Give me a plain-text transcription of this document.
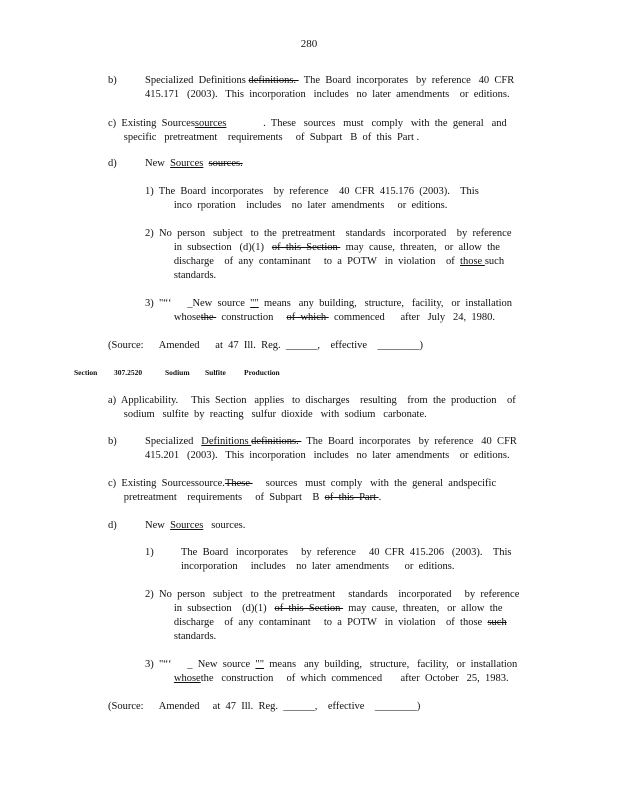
280
b)	Specialized  Definitions definitions.   The  Board  incorporates   by  reference   40  CFR
415.171   (2003).   This  incorporation   includes   no  later  amendments    or  editions.
c)  Existing  Sourcessources              .  These   sources   must   comply   with  the  general   and
specific   pretreatment    requirements     of  Subpart   B  of  this  Part .
d)	New  Sources sources.
1)  The  Board  incorporates    by  reference    40  CFR  415.176  (2003).    This
inco  rporation    includes    no  later  amendments     or  editions.
2)  No  person   subject   to  the  pretreatment    standards   incorporated    by  reference
in  subsection   (d)(1)   of  this  Section   may  cause,  threaten,   or  allow  the
discharge    of  any  contaminant     to  a  POTW   in  violation    of  those such
standards.
3)  "“‘      _New  source  ""  means   any  building,   structure,   facility,   or  installation
whosethe   construction     of  which   commenced      after   July   24,  1980.
(Source:      Amended      at  47  Ill.  Reg.  ______,    effective    ________)
Section 307.2520	Sodium Sulfite Production
a)  Applicability.     This  Section   applies   to  discharges    resulting    from  the  production    of
sodium   sulfite  by  reacting   sulfur  dioxide   with  sodium   carbonate.
b)	Specialized   Definitions definitions.   The  Board  incorporates   by  reference   40  CFR
415.201   (2003).   This  incorporation   includes   no  later  amendments    or  editions.
c)  Existing  Sourcessource.These      sources   must  comply   with  the  general  andspecific
pretreatment    requirements     of  Subpart    B  of  this  Part .
d)	New  Sources   sources.
1)	The  Board   incorporates     by  reference     40  CFR  415.206   (2003).    This
incorporation     includes    no  later  amendments      or  editions.
2)  No  person   subject   to  the  pretreatment     standards    incorporated     by  reference
in  subsection    (d)(1)   of  this  Section   may  cause,  threaten,   or  allow  the
discharge    of  any  contaminant     to  a  POTW   in  violation    of  those  such
standards.
3)  "“‘      _  New  source  ""  means   any  building,   structure,   facility,   or  installation
whosethe   construction     of  which  commenced       after  October   25,  1983.
(Source:      Amended     at  47  Ill.  Reg.  ______,    effective    ________)
